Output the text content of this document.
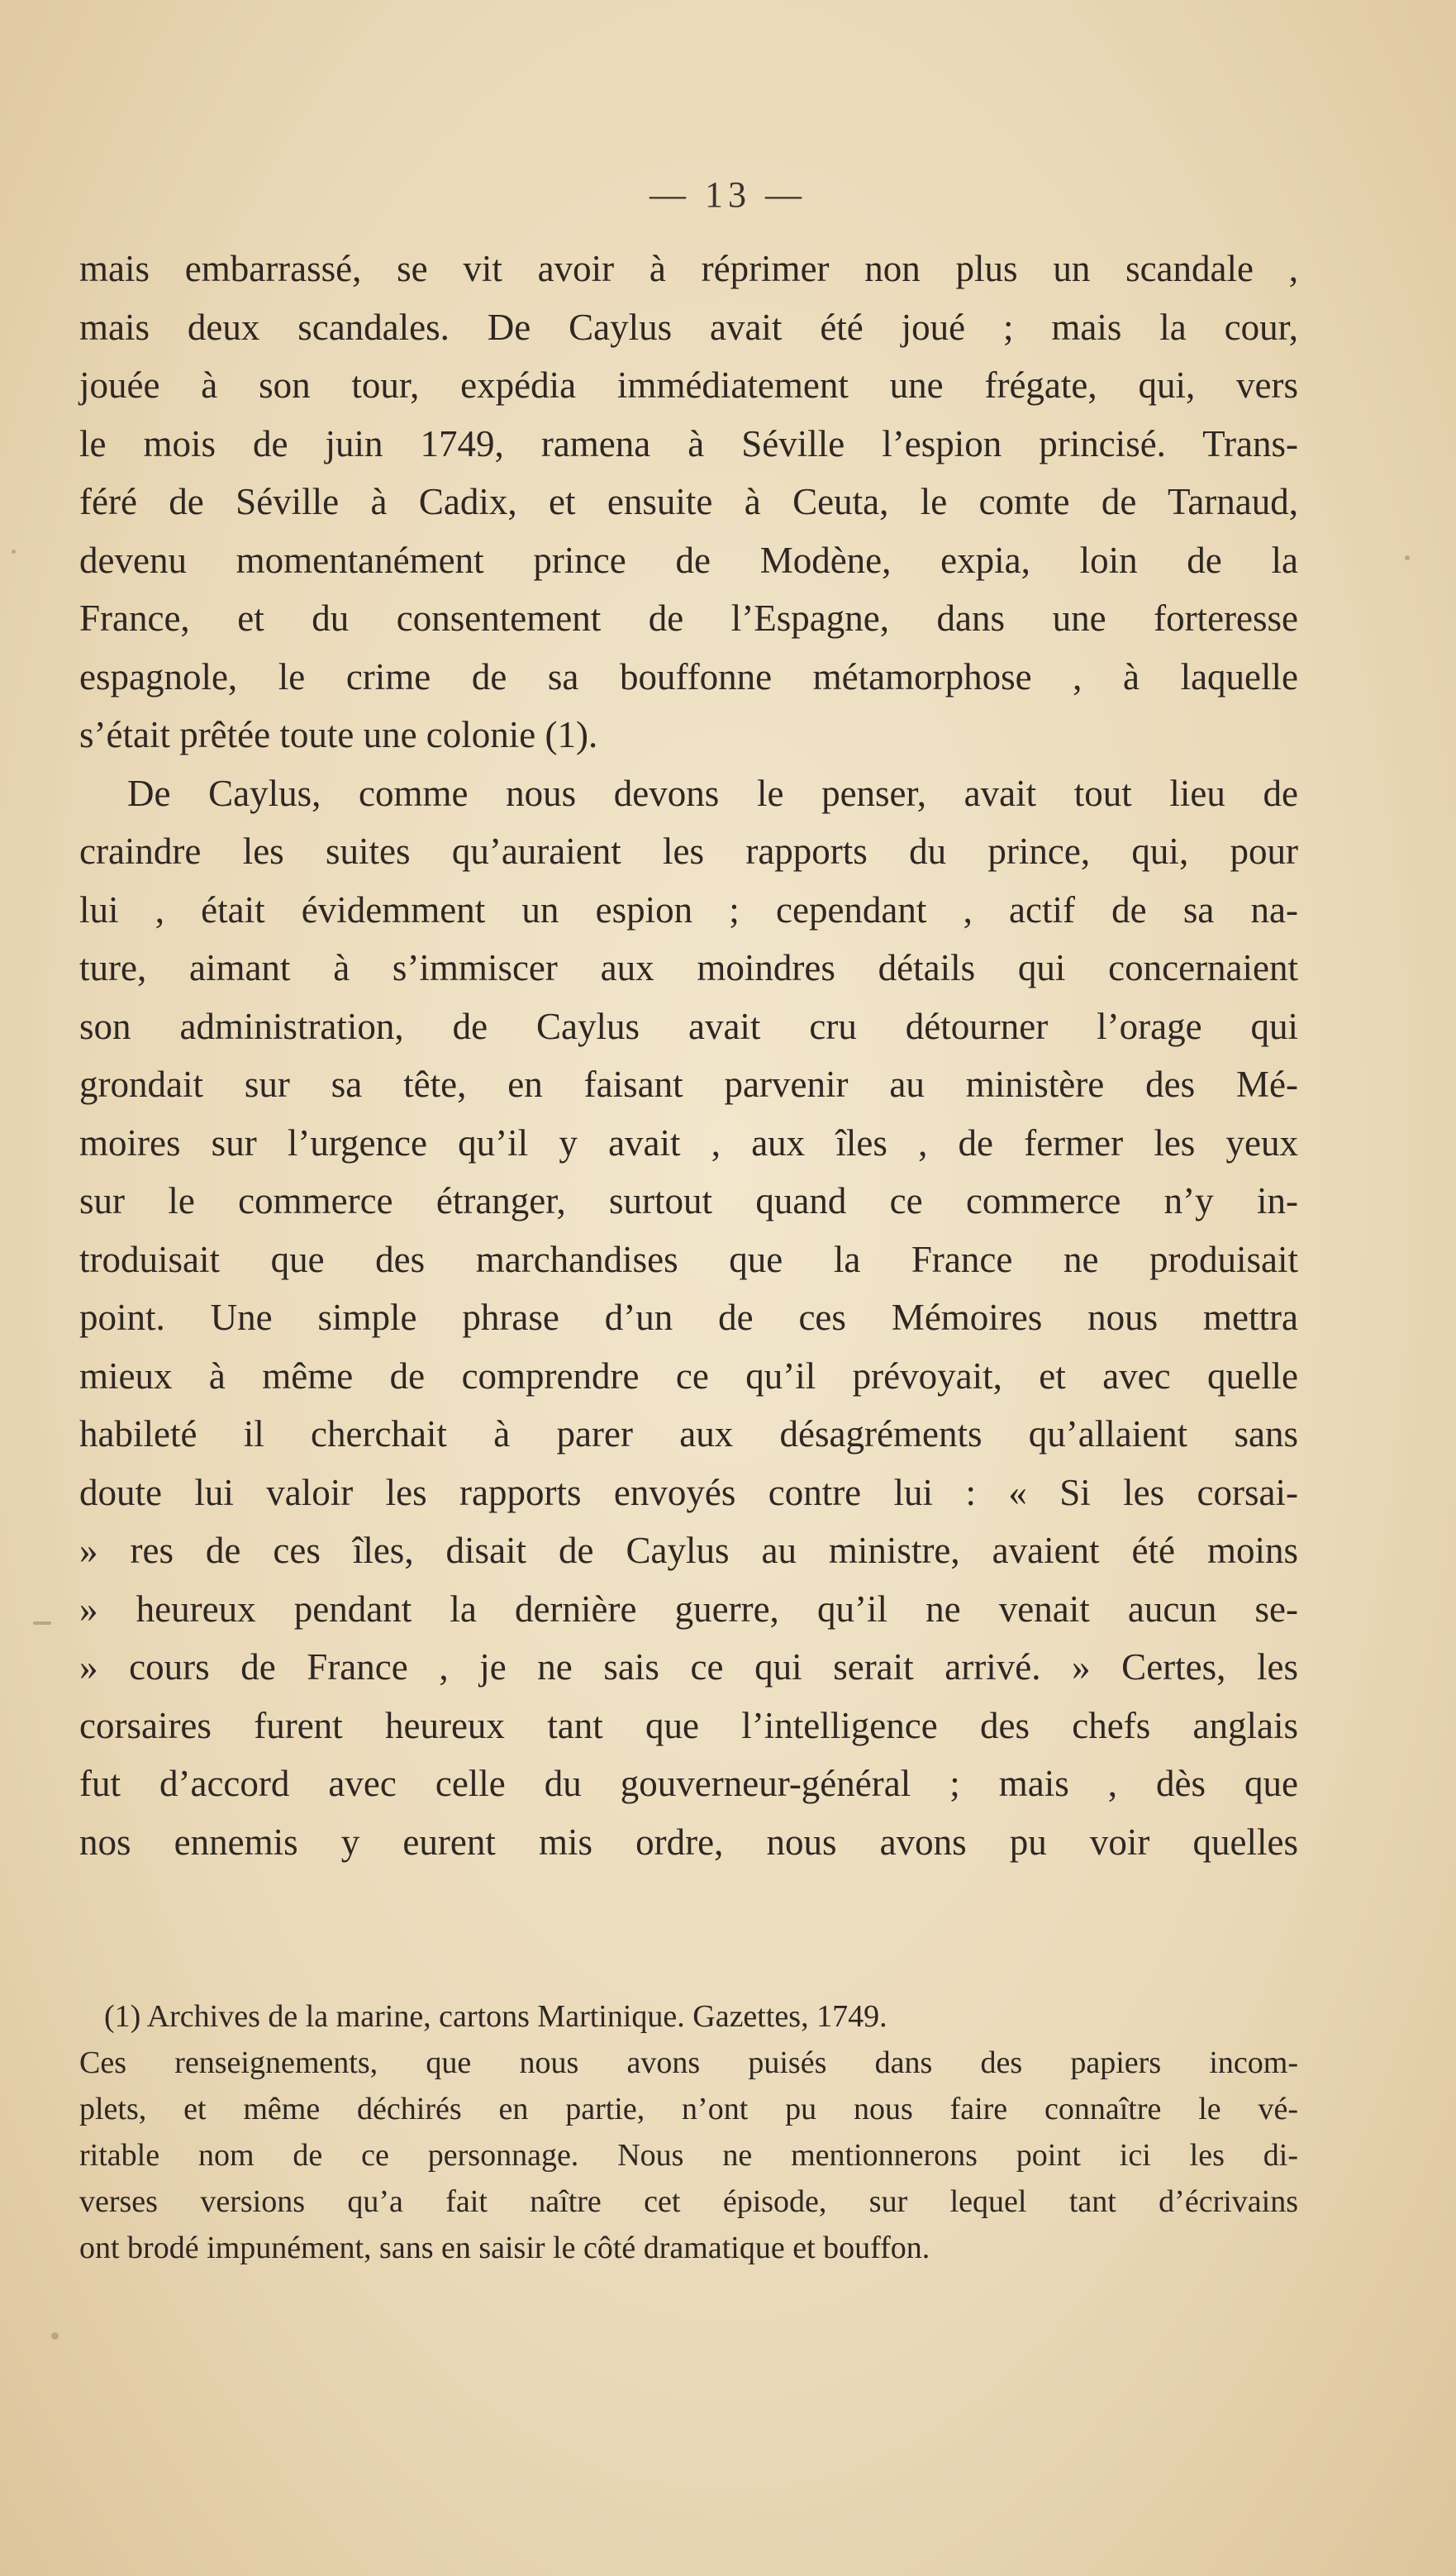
— 13 —
mais embarrassé, se vit avoir à réprimer non plus un scandale ,
mais deux scandales. De Caylus avait été joué ; mais la cour,
jouée à son tour, expédia immédiatement une frégate, qui, vers
le mois de juin 1749, ramena à Séville l’espion princisé. Trans-
féré de Séville à Cadix, et ensuite à Ceuta, le comte de Tarnaud,
devenu momentanément prince de Modène, expia, loin de la
France, et du consentement de l’Espagne, dans une forteresse
espagnole, le crime de sa bouffonne métamorphose , à laquelle
s’était prêtée toute une colonie (1).
De Caylus, comme nous devons le penser, avait tout lieu de
craindre les suites qu’auraient les rapports du prince, qui, pour
lui , était évidemment un espion ; cependant , actif de sa na-
ture, aimant à s’immiscer aux moindres détails qui concernaient
son administration, de Caylus avait cru détourner l’orage qui
grondait sur sa tête, en faisant parvenir au ministère des Mé-
moires sur l’urgence qu’il y avait , aux îles , de fermer les yeux
sur le commerce étranger, surtout quand ce commerce n’y in-
troduisait que des marchandises que la France ne produisait
point. Une simple phrase d’un de ces Mémoires nous mettra
mieux à même de comprendre ce qu’il prévoyait, et avec quelle
habileté il cherchait à parer aux désagréments qu’allaient sans
doute lui valoir les rapports envoyés contre lui : « Si les corsai-
» res de ces îles, disait de Caylus au ministre, avaient été moins
» heureux pendant la dernière guerre, qu’il ne venait aucun se-
» cours de France , je ne sais ce qui serait arrivé. » Certes, les
corsaires furent heureux tant que l’intelligence des chefs anglais
fut d’accord avec celle du gouverneur-général ; mais , dès que
nos ennemis y eurent mis ordre, nous avons pu voir quelles
(1) Archives de la marine, cartons Martinique. Gazettes, 1749.
Ces renseignements, que nous avons puisés dans des papiers incom-
plets, et même déchirés en partie, n’ont pu nous faire connaître le vé-
ritable nom de ce personnage. Nous ne mentionnerons point ici les di-
verses versions qu’a fait naître cet épisode, sur lequel tant d’écrivains
ont brodé impunément, sans en saisir le côté dramatique et bouffon.
